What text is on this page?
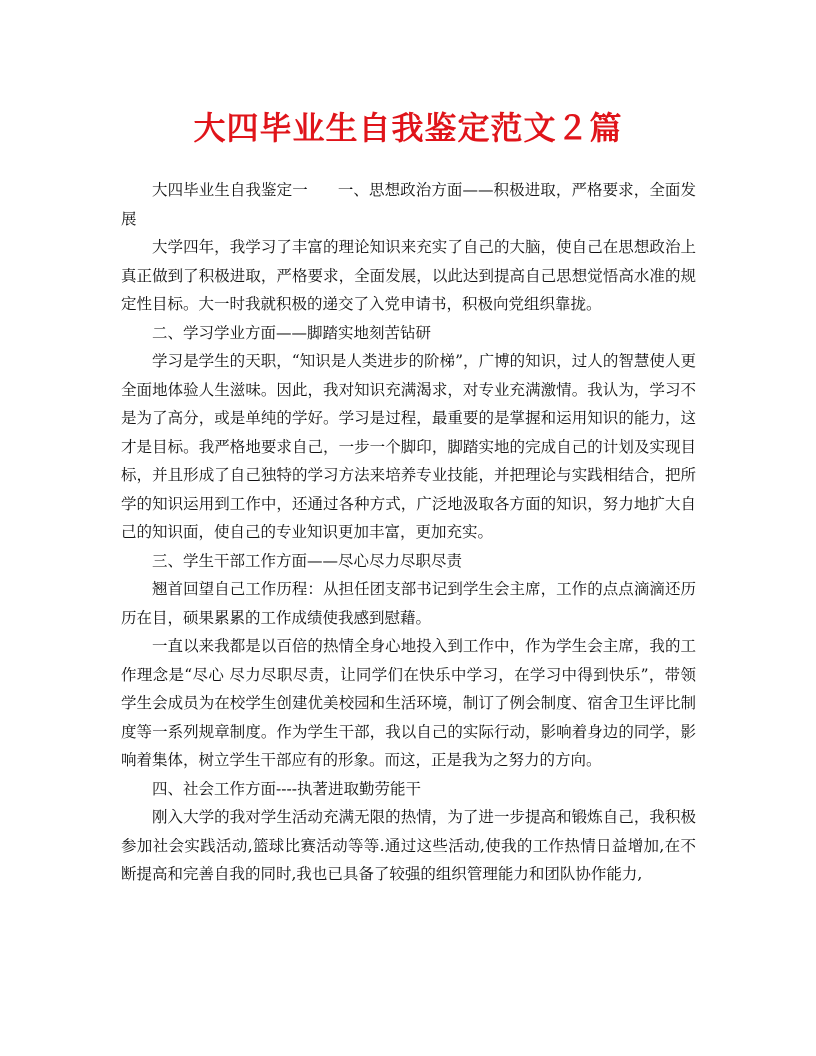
大四毕业生自我鉴定范文２篇

大四毕业生自我鉴定一 一、思想政治方面——积极进取，严格要求，全面发展

大学四年，我学习了丰富的理论知识来充实了自己的大脑，使自己在思想政治上真正做到了积极进取，严格要求，全面发展，以此达到提高自己思想觉悟高水准的规定性目标。大一时我就积极的递交了入党申请书，积极向党组织靠拢。

二、学习学业方面——脚踏实地刻苦钻研

学习是学生的天职，“知识是人类进步的阶梯”，广博的知识，过人的智慧使人更全面地体验人生滋味。因此，我对知识充满渴求，对专业充满激情。我认为，学习不是为了高分，或是单纯的学好。学习是过程，最重要的是掌握和运用知识的能力，这才是目标。我严格地要求自己，一步一个脚印，脚踏实地的完成自己的计划及实现目标，并且形成了自己独特的学习方法来培养专业技能，并把理论与实践相结合，把所学的知识运用到工作中，还通过各种方式，广泛地汲取各方面的知识，努力地扩大自己的知识面，使自己的专业知识更加丰富，更加充实。

三、学生干部工作方面——尽心尽力尽职尽责

翘首回望自己工作历程：从担任团支部书记到学生会主席，工作的点点滴滴还历历在目，硕果累累的工作成绩使我感到慰藉。

一直以来我都是以百倍的热情全身心地投入到工作中，作为学生会主席，我的工作理念是“尽心 尽力尽职尽责，让同学们在快乐中学习，在学习中得到快乐”，带领学生会成员为在校学生创建优美校园和生活环境，制订了例会制度、宿舍卫生评比制度等一系列规章制度。作为学生干部，我以自己的实际行动，影响着身边的同学，影响着集体，树立学生干部应有的形象。而这，正是我为之努力的方向。

四、社会工作方面----执著进取勤劳能干

刚入大学的我对学生活动充满无限的热情，为了进一步提高和锻炼自己，我积极参加社会实践活动,篮球比赛活动等等.通过这些活动,使我的工作热情日益增加,在不断提高和完善自我的同时,我也已具备了较强的组织管理能力和团队协作能力,
